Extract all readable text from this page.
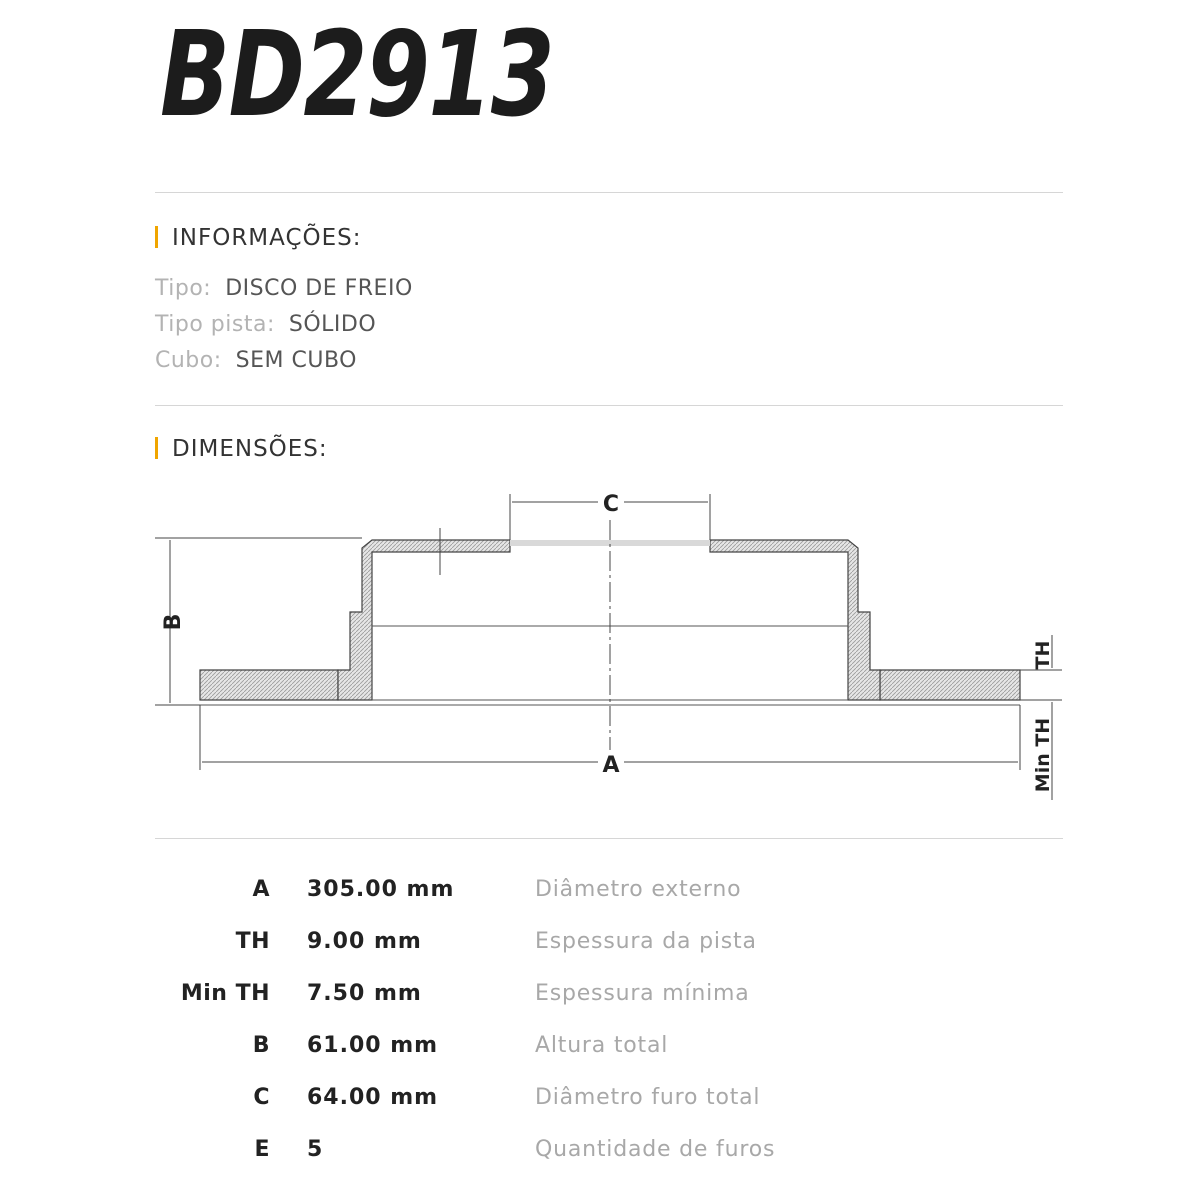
BD2913
INFORMAÇÕES:
Tipo: DISCO DE FREIO
Tipo pista: SÓLIDO
Cubo: SEM CUBO
DIMENSÕES:
C
A
B
TH
Min TH
A 305.00 mm	Diâmetro externo
TH 9.00 mm	Espessura da pista
Min TH 7.50 mm	Espessura mínima
B 61.00 mm	Altura total
C 64.00 mm	Diâmetro furo total
E 5	Quantidade de furos
